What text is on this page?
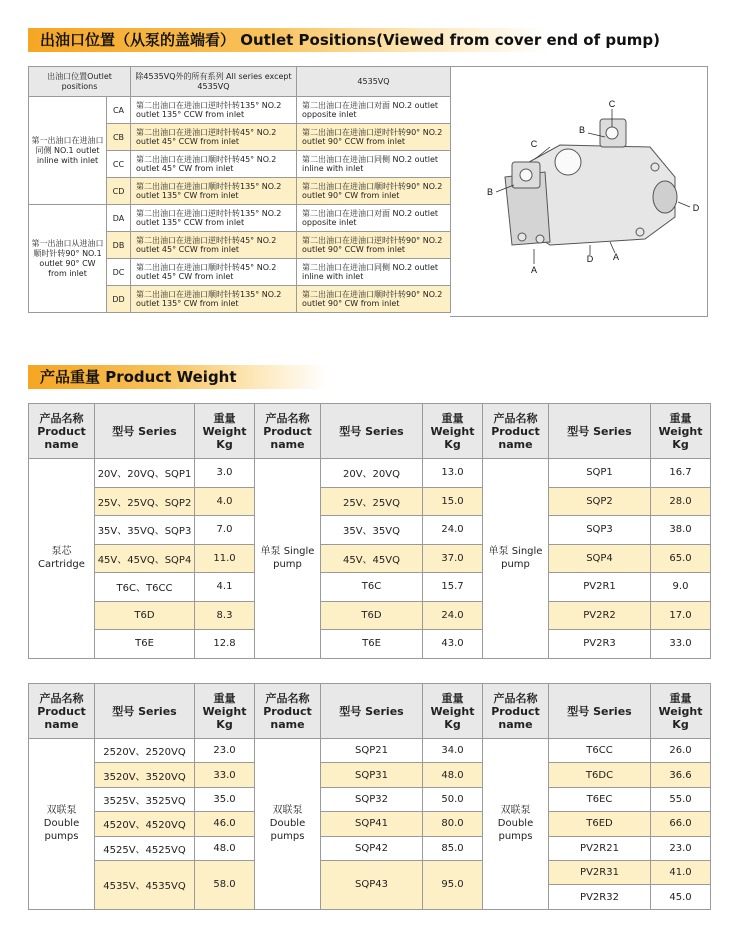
出油口位置（从泵的盖端看） Outlet Positions(Viewed from cover end of pump)
出油口位置Outlet positions		除4535VQ外的所有系列 All series except 4535VQ	4535VQ
第一出油口在进油口同侧 NO.1 outlet inline with inlet	CA	第二出油口在进油口逆时针转135° NO.2 outlet 135° CCW from inlet	第二出油口在进油口对面 NO.2 outlet opposite inlet
	CB	第二出油口在进油口逆时针转45° NO.2 outlet 45° CCW from inlet	第二出油口在进油口逆时针转90° NO.2 outlet 90° CCW from inlet
	CC	第二出油口在进油口顺时针转45° NO.2 outlet 45° CW from inlet	第二出油口在进油口同侧 NO.2 outlet inline with inlet
	CD	第二出油口在进油口顺时针转135° NO.2 outlet 135° CW from inlet	第二出油口在进油口顺时针转90° NO.2 outlet 90° CW from inlet
第一出油口从进油口顺时针转90° NO.1 outlet 90° CW from inlet	DA	第二出油口在进油口逆时针转135° NO.2 outlet 135° CCW from inlet	第二出油口在进油口对面 NO.2 outlet opposite inlet
	DB	第二出油口在进油口逆时针转45° NO.2 outlet 45° CCW from inlet	第二出油口在进油口逆时针转90° NO.2 outlet 90° CCW from inlet
	DC	第二出油口在进油口顺时针转45° NO.2 outlet 45° CW from inlet	第二出油口在进油口同侧 NO.2 outlet inline with inlet
	DD	第二出油口在进油口顺时针转135° NO.2 outlet 135° CW from inlet	第二出油口在进油口顺时针转90° NO.2 outlet 90° CW from inlet
C
B
C
B
D
D A
A
产品重量 Product Weight
产品名称 Product name	型号 Series	重量 Weight Kg	产品名称 Product name	型号 Series	重量 Weight Kg	产品名称 Product name	型号 Series	重量 Weight Kg
泵芯 Cartridge	20V、20VQ、SQP1	3.0	单泵 Single pump	20V、20VQ	13.0	单泵 Single pump	SQP1	16.7
	25V、25VQ、SQP2	4.0		25V、25VQ	15.0		SQP2	28.0
	35V、35VQ、SQP3	7.0		35V、35VQ	24.0		SQP3	38.0
	45V、45VQ、SQP4	11.0		45V、45VQ	37.0		SQP4	65.0
	T6C、T6CC	4.1		T6C	15.7		PV2R1	9.0
	T6D	8.3		T6D	24.0		PV2R2	17.0
	T6E	12.8		T6E	43.0		PV2R3	33.0
产品名称 Product name	型号 Series	重量 Weight Kg	产品名称 Product name	型号 Series	重量 Weight Kg	产品名称 Product name	型号 Series	重量 Weight Kg
双联泵 Double pumps	2520V、2520VQ	23.0	双联泵 Double pumps	SQP21	34.0	双联泵 Double pumps	T6CC	26.0
	3520V、3520VQ	33.0		SQP31	48.0		T6DC	36.6
	3525V、3525VQ	35.0		SQP32	50.0		T6EC	55.0
	4520V、4520VQ	46.0		SQP41	80.0		T6ED	66.0
	4525V、4525VQ	48.0		SQP42	85.0		PV2R21	23.0
	4535V、4535VQ	58.0		SQP43	95.0		PV2R31	41.0
							PV2R32	45.0
